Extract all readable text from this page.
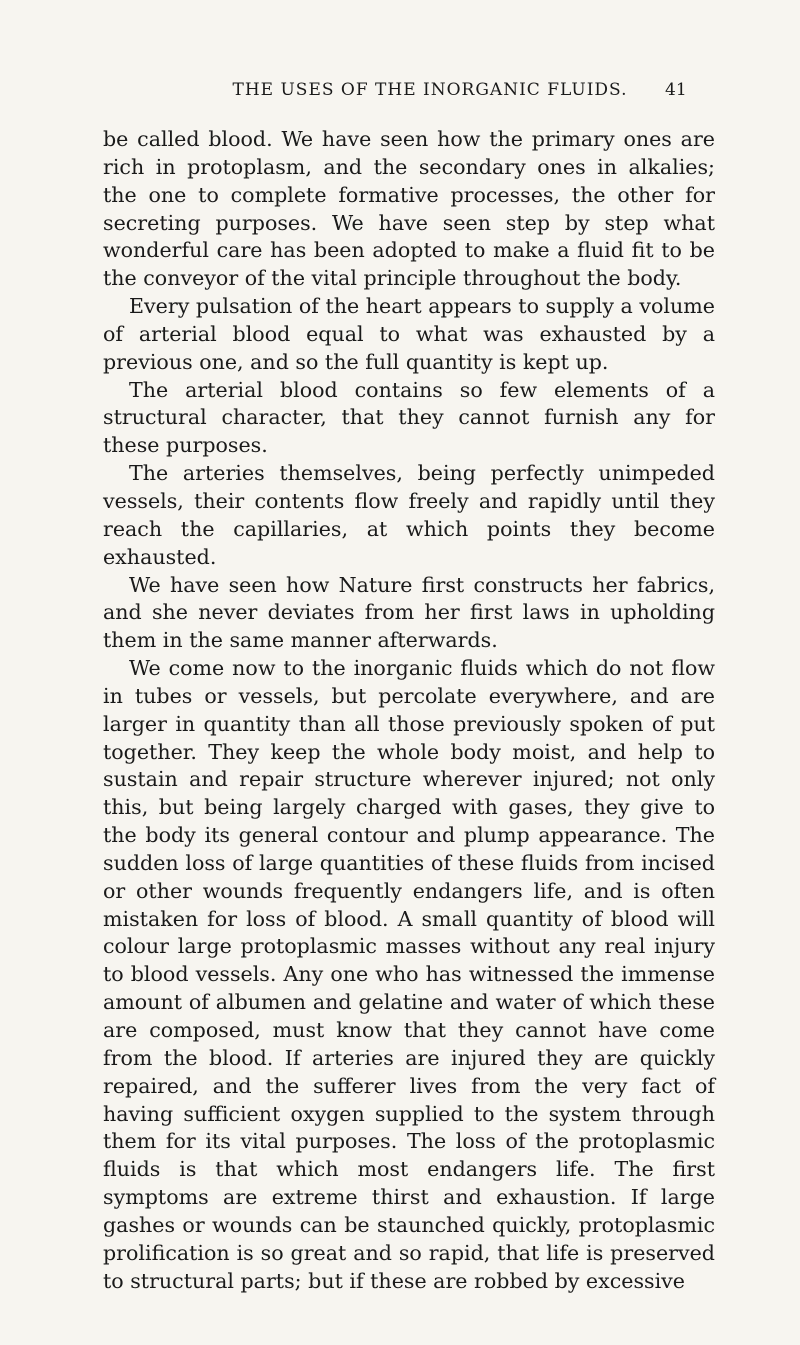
THE USES OF THE INORGANIC FLUIDS.	41

be called blood. We have seen how the primary ones are rich in protoplasm, and the secondary ones in alkalies; the one to complete formative processes, the other for secreting purposes. We have seen step by step what wonderful care has been adopted to make a fluid fit to be the conveyor of the vital principle throughout the body.

Every pulsation of the heart appears to supply a volume of arterial blood equal to what was exhausted by a previous one, and so the full quantity is kept up.

The arterial blood contains so few elements of a structural character, that they cannot furnish any for these purposes.

The arteries themselves, being perfectly unimpeded vessels, their contents flow freely and rapidly until they reach the capillaries, at which points they become exhausted.

We have seen how Nature first constructs her fabrics, and she never deviates from her first laws in upholding them in the same manner afterwards.

We come now to the inorganic fluids which do not flow in tubes or vessels, but percolate everywhere, and are larger in quantity than all those previously spoken of put together. They keep the whole body moist, and help to sustain and repair structure wherever injured; not only this, but being largely charged with gases, they give to the body its general contour and plump appearance. The sudden loss of large quantities of these fluids from incised or other wounds frequently endangers life, and is often mistaken for loss of blood. A small quantity of blood will colour large protoplasmic masses without any real injury to blood vessels. Any one who has witnessed the immense amount of albumen and gelatine and water of which these are composed, must know that they cannot have come from the blood. If arteries are injured they are quickly repaired, and the sufferer lives from the very fact of having sufficient oxygen supplied to the system through them for its vital purposes. The loss of the protoplasmic fluids is that which most endangers life. The first symptoms are extreme thirst and exhaustion. If large gashes or wounds can be staunched quickly, protoplasmic prolification is so great and so rapid, that life is preserved to structural parts; but if these are robbed by excessive
